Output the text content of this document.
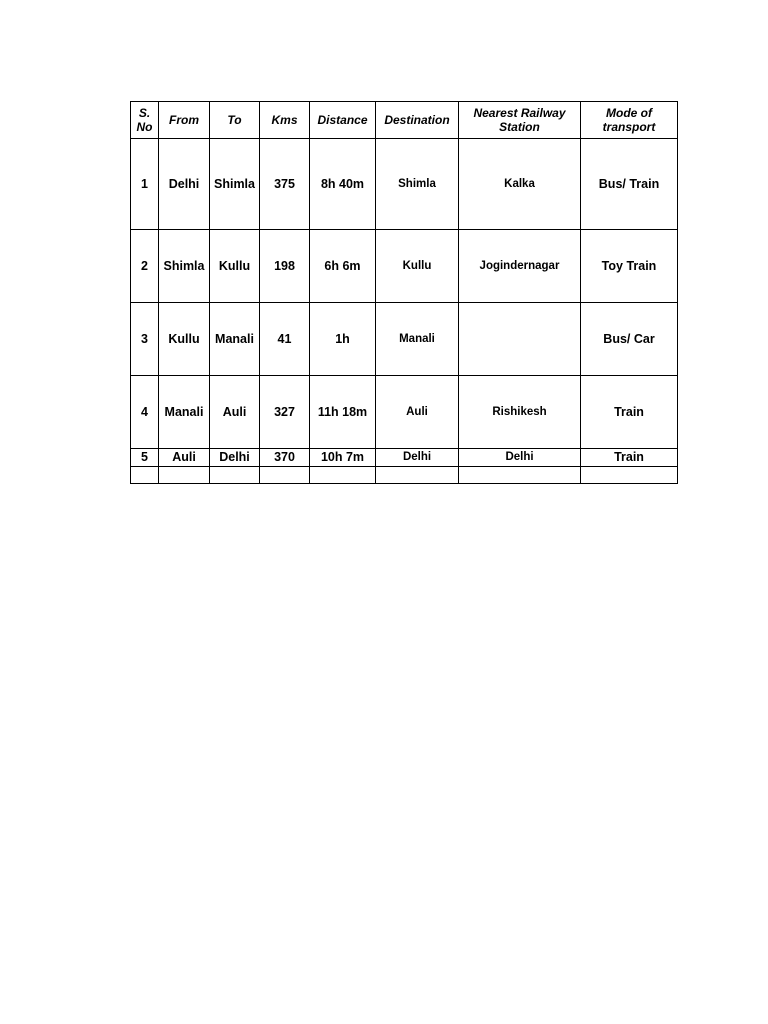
S. No	From	To	Kms	Distance	Destination	Nearest Railway Station	Mode of transport
1	Delhi	Shimla	375	8h 40m	Shimla	Kalka	Bus/ Train
2	Shimla	Kullu	198	6h 6m	Kullu	Jogindernagar	Toy Train
3	Kullu	Manali	41	1h	Manali		Bus/ Car
4	Manali	Auli	327	11h 18m	Auli	Rishikesh	Train
5	Auli	Delhi	370	10h 7m	Delhi	Delhi	Train
